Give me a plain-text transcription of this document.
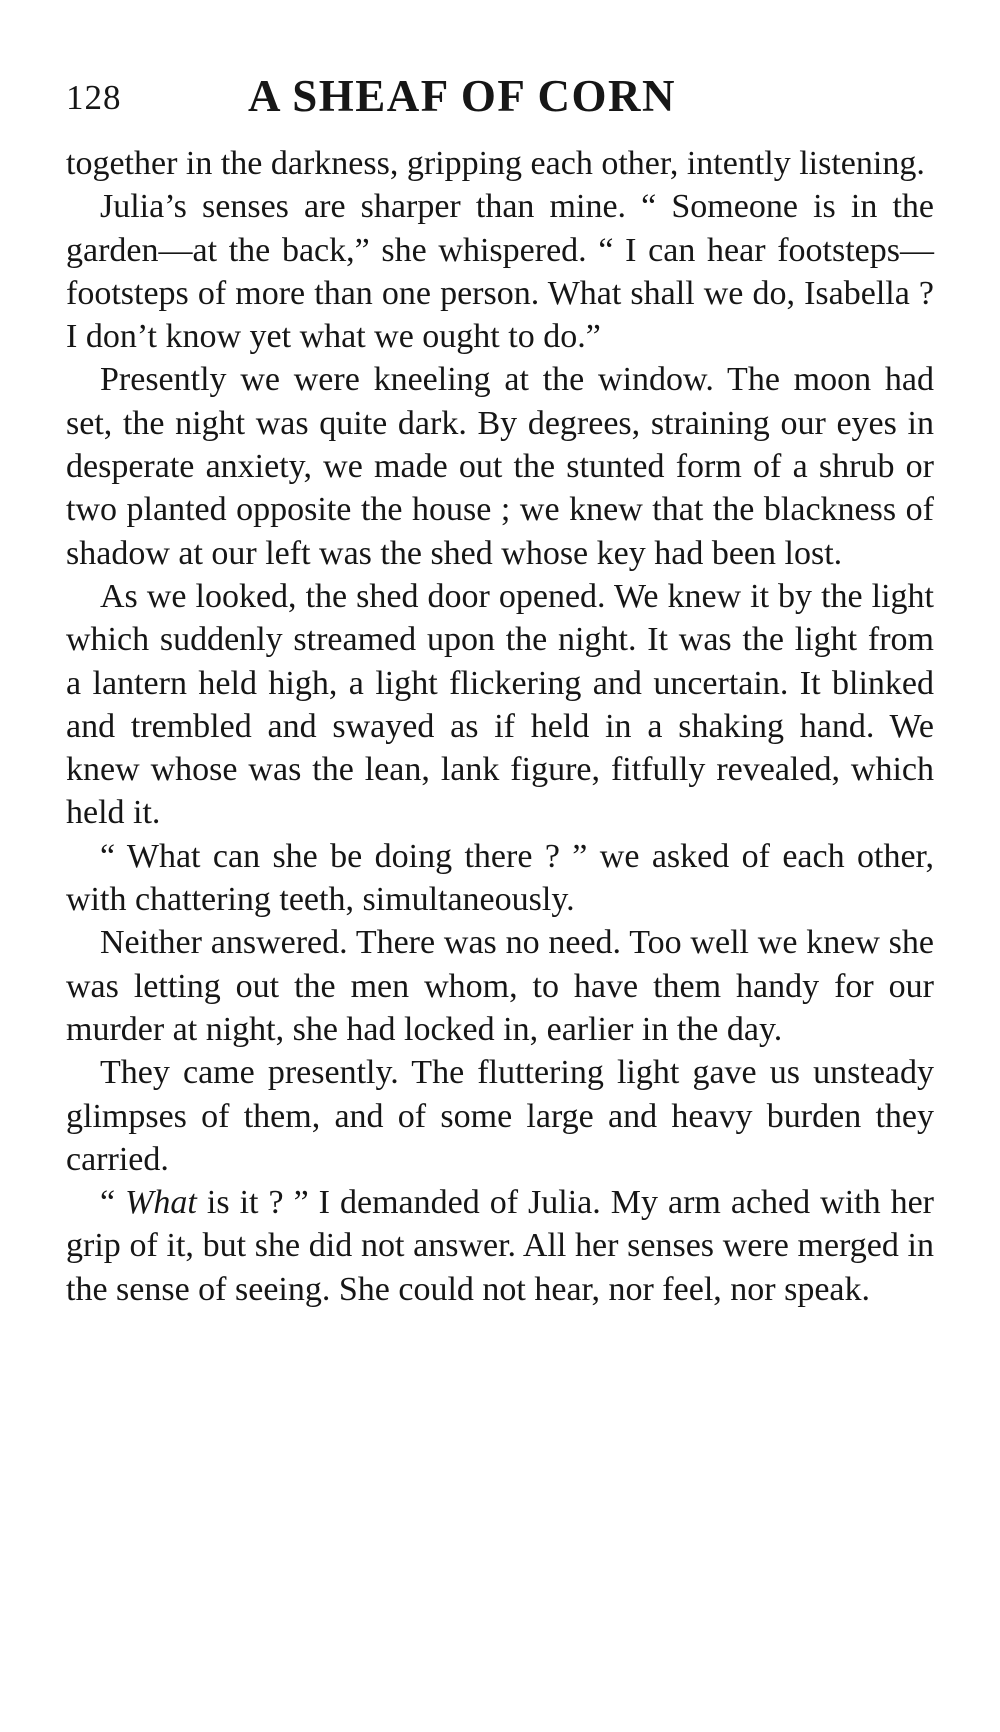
128	A SHEAF OF CORN

together in the darkness, gripping each other, intently listening.

Julia’s senses are sharper than mine. “ Someone is in the garden—at the back,” she whispered. “ I can hear footsteps—footsteps of more than one person. What shall we do, Isabella ? I don’t know yet what we ought to do.”

Presently we were kneeling at the window. The moon had set, the night was quite dark. By degrees, straining our eyes in desperate anxiety, we made out the stunted form of a shrub or two planted opposite the house ; we knew that the blackness of shadow at our left was the shed whose key had been lost.

As we looked, the shed door opened. We knew it by the light which suddenly streamed upon the night. It was the light from a lantern held high, a light flickering and uncertain. It blinked and trembled and swayed as if held in a shaking hand. We knew whose was the lean, lank figure, fitfully revealed, which held it.

“ What can she be doing there ? ” we asked of each other, with chattering teeth, simultaneously.

Neither answered. There was no need. Too well we knew she was letting out the men whom, to have them handy for our murder at night, she had locked in, earlier in the day.

They came presently. The fluttering light gave us unsteady glimpses of them, and of some large and heavy burden they carried.

“ What is it ? ” I demanded of Julia. My arm ached with her grip of it, but she did not answer. All her senses were merged in the sense of seeing. She could not hear, nor feel, nor speak.
